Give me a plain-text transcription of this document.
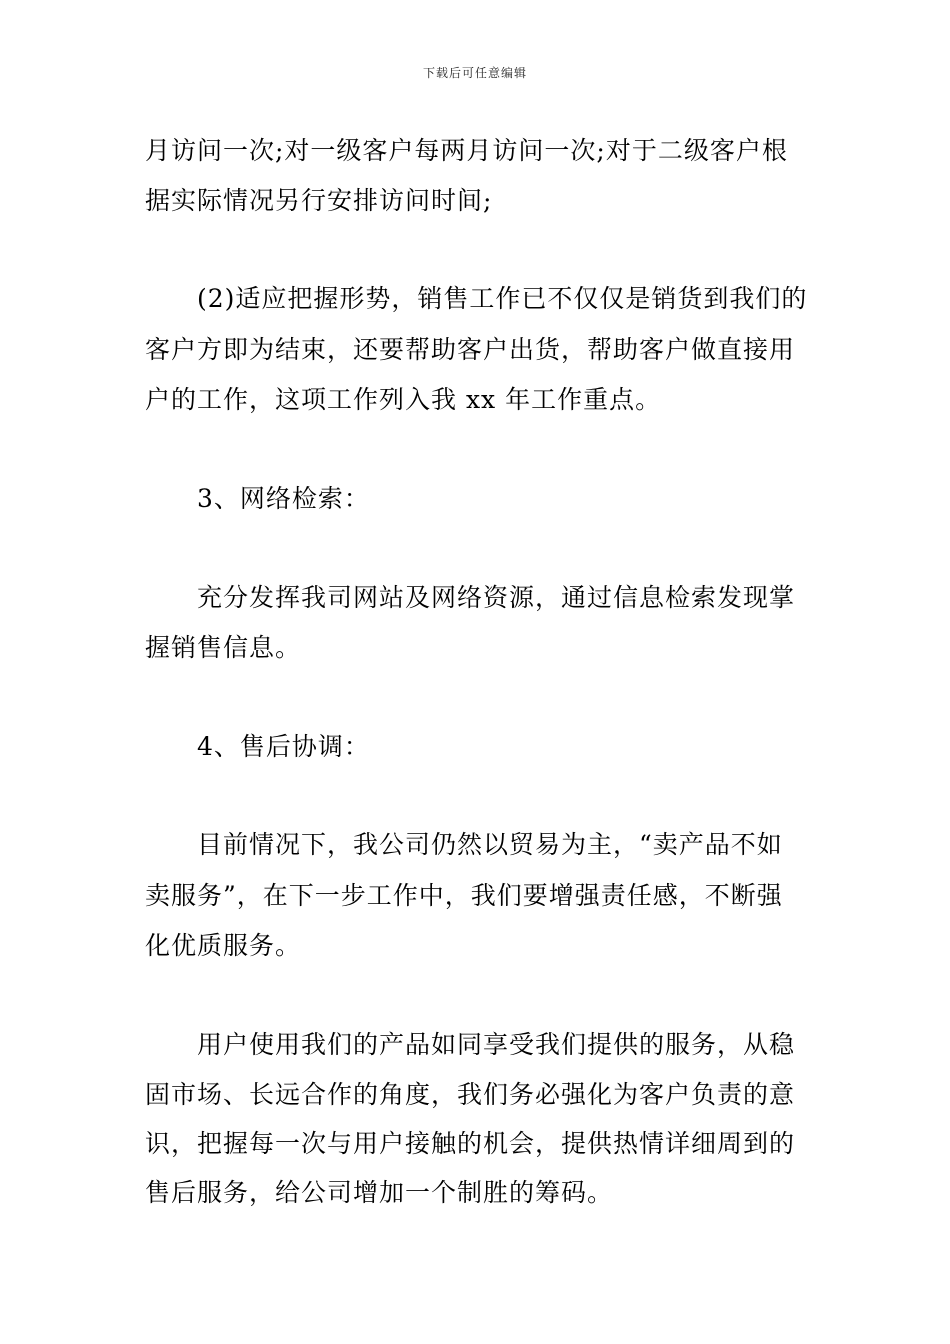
下载后可任意编辑
月访问一次;对一级客户每两月访问一次;对于二级客户根
据实际情况另行安排访问时间;
(2)适应把握形势，销售工作已不仅仅是销货到我们的
客户方即为结束，还要帮助客户出货，帮助客户做直接用
户的工作，这项工作列入我 xx 年工作重点。
3、网络检索：
充分发挥我司网站及网络资源，通过信息检索发现掌
握销售信息。
4、售后协调：
目前情况下，我公司仍然以贸易为主，“卖产品不如
卖服务”，在下一步工作中，我们要增强责任感，不断强
化优质服务。
用户使用我们的产品如同享受我们提供的服务，从稳
固市场、长远合作的角度，我们务必强化为客户负责的意
识，把握每一次与用户接触的机会，提供热情详细周到的
售后服务，给公司增加一个制胜的筹码。
